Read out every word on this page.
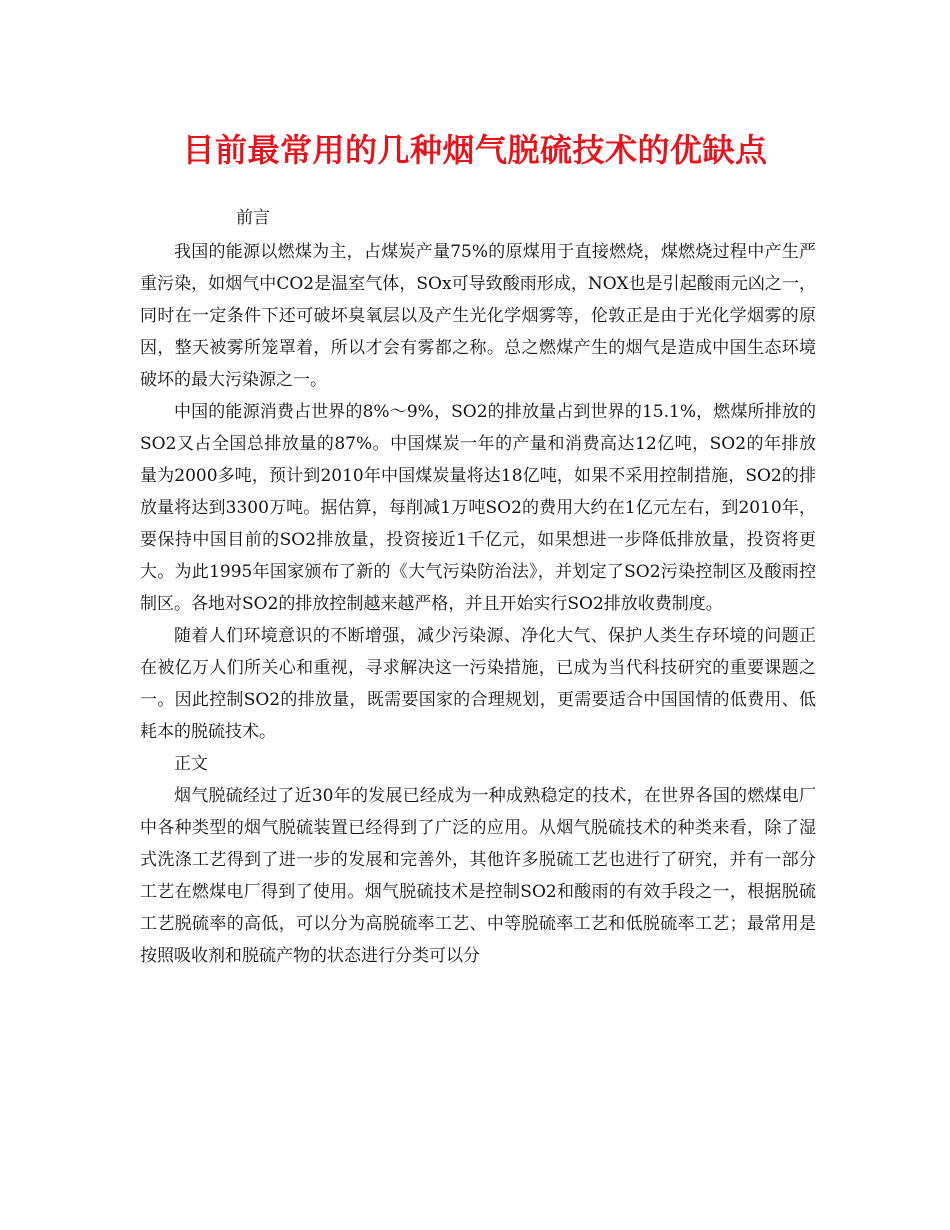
目前最常用的几种烟气脱硫技术的优缺点

前言

我国的能源以燃煤为主，占煤炭产量75%的原煤用于直接燃烧，煤燃烧过程中产生严重污染，如烟气中CO2是温室气体，SOx可导致酸雨形成，NOX也是引起酸雨元凶之一，同时在一定条件下还可破坏臭氧层以及产生光化学烟雾等，伦敦正是由于光化学烟雾的原因，整天被雾所笼罩着，所以才会有雾都之称。总之燃煤产生的烟气是造成中国生态环境破坏的最大污染源之一。

中国的能源消费占世界的8%～9%，SO2的排放量占到世界的15.1%，燃煤所排放的SO2又占全国总排放量的87%。中国煤炭一年的产量和消费高达12亿吨，SO2的年排放量为2000多吨，预计到2010年中国煤炭量将达18亿吨，如果不采用控制措施，SO2的排放量将达到3300万吨。据估算，每削减1万吨SO2的费用大约在1亿元左右，到2010年，要保持中国目前的SO2排放量，投资接近1千亿元，如果想进一步降低排放量，投资将更大。为此1995年国家颁布了新的《大气污染防治法》，并划定了SO2污染控制区及酸雨控制区。各地对SO2的排放控制越来越严格，并且开始实行SO2排放收费制度。

随着人们环境意识的不断增强，减少污染源、净化大气、保护人类生存环境的问题正在被亿万人们所关心和重视，寻求解决这一污染措施，已成为当代科技研究的重要课题之一。因此控制SO2的排放量，既需要国家的合理规划，更需要适合中国国情的低费用、低耗本的脱硫技术。

正文

烟气脱硫经过了近30年的发展已经成为一种成熟稳定的技术，在世界各国的燃煤电厂中各种类型的烟气脱硫装置已经得到了广泛的应用。从烟气脱硫技术的种类来看，除了湿式洗涤工艺得到了进一步的发展和完善外，其他许多脱硫工艺也进行了研究，并有一部分工艺在燃煤电厂得到了使用。烟气脱硫技术是控制SO2和酸雨的有效手段之一，根据脱硫工艺脱硫率的高低，可以分为高脱硫率工艺、中等脱硫率工艺和低脱硫率工艺；最常用是按照吸收剂和脱硫产物的状态进行分类可以分
